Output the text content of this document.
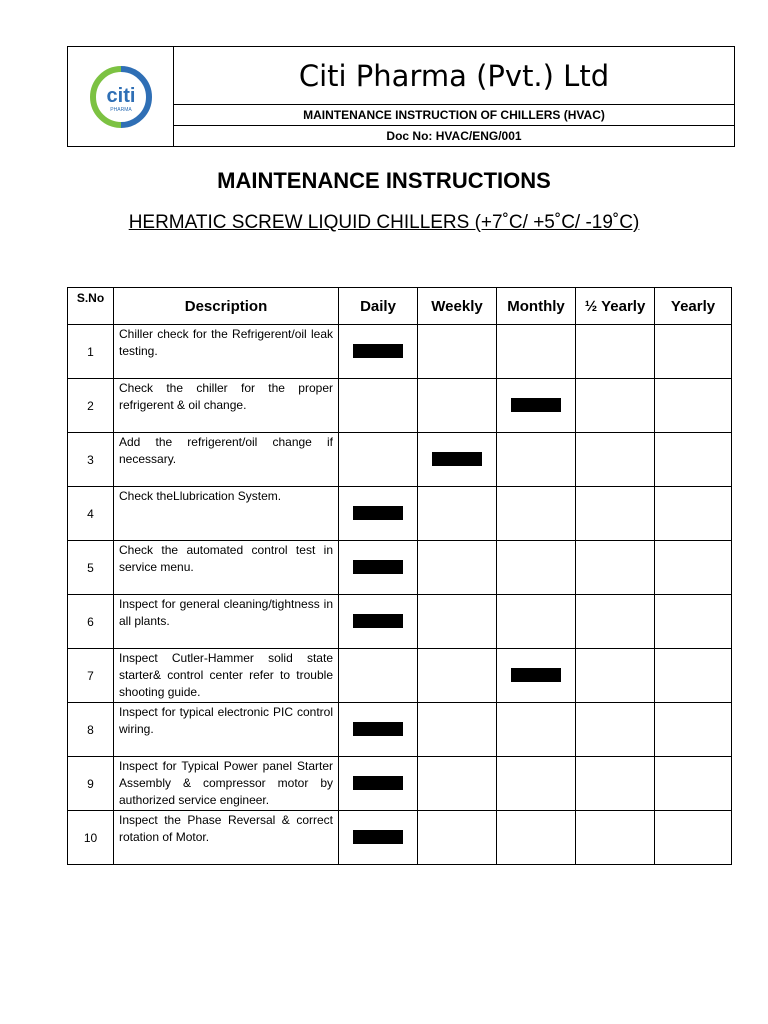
citi
PHARMA
Citi Pharma (Pvt.) Ltd
MAINTENANCE INSTRUCTION OF CHILLERS (HVAC)
Doc No: HVAC/ENG/001
MAINTENANCE INSTRUCTIONS
HERMATIC SCREW LIQUID CHILLERS (+7˚C/ +5˚C/ -19˚C)
S.No	Description	Daily	Weekly	Monthly	½ Yearly	Yearly
1	Chiller check for the Refrigerent/oil leak testing.	

2	Check the chiller for the proper refrigerent & oil change.			

3	Add the refrigerent/oil change if necessary.		

4	Check theLlubrication System.	

5	Check the automated control test in service menu.	

6	Inspect for general cleaning/tightness in all plants.	

7	Inspect Cutler-Hammer solid state starter& control center refer to trouble shooting guide.			

8	Inspect for typical electronic PIC control wiring.	

9	Inspect for Typical Power panel Starter Assembly & compressor motor by authorized service engineer.	

10	Inspect the Phase Reversal & correct rotation of Motor.	
